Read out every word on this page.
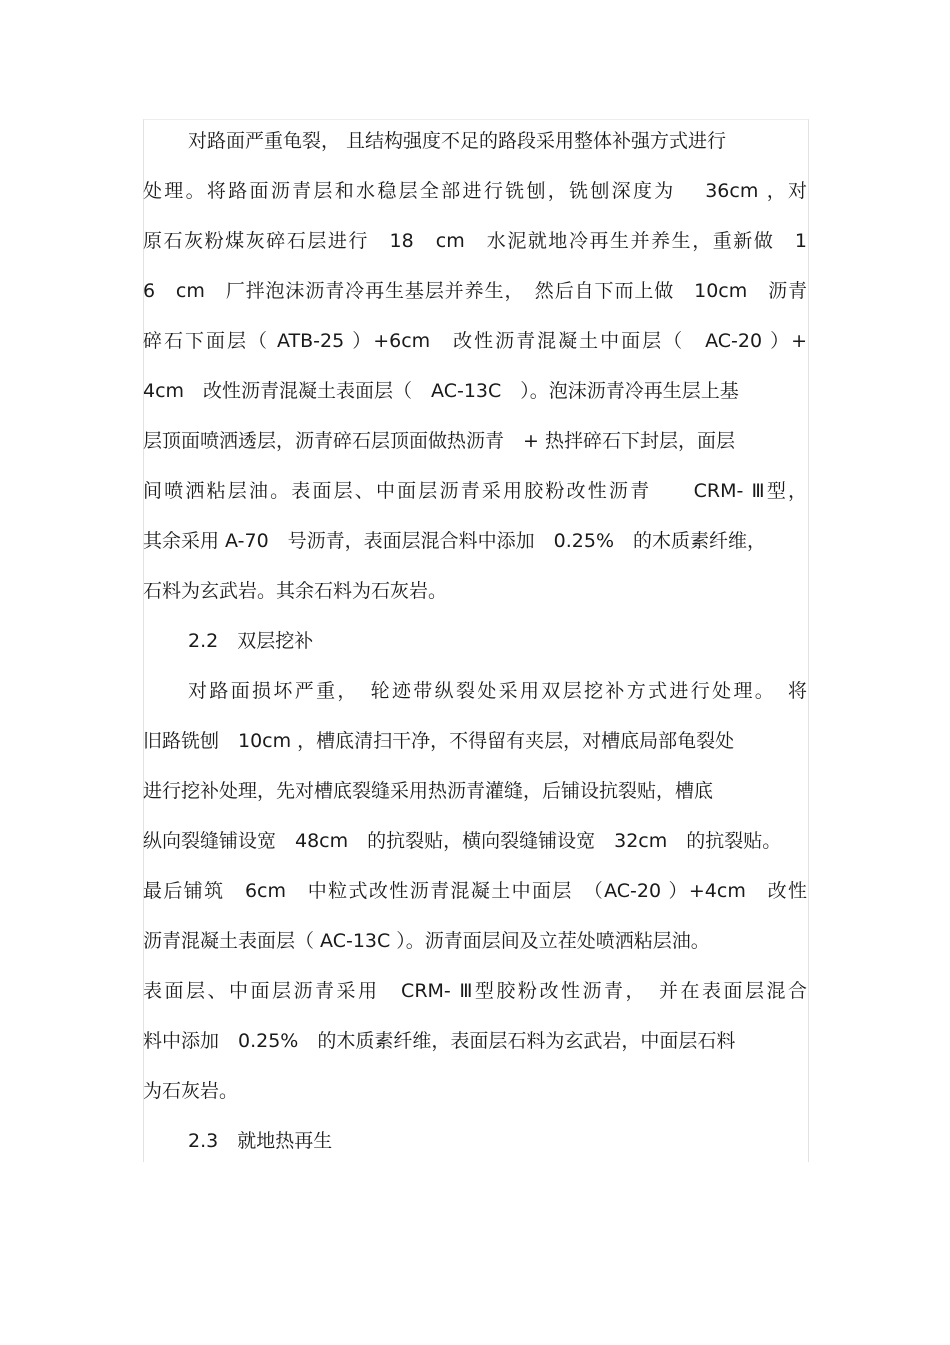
对路面严重龟裂， 且结构强度不足的路段采用整体补强方式进行
处理。将路面沥青层和水稳层全部进行铣刨，铣刨深度为　 36cm ，对
原石灰粉煤灰碎石层进行　18　cm　水泥就地冷再生并养生，重新做　1
6　cm　厂拌泡沫沥青冷再生基层并养生，　然后自下而上做　10cm　沥青
碎石下面层（ ATB-25 ）+6cm　改性沥青混凝土中面层（　AC-20 ）+
4cm　改性沥青混凝土表面层（　AC-13C　）。泡沫沥青冷再生层上基
层顶面喷洒透层，沥青碎石层顶面做热沥青　+ 热拌碎石下封层，面层
间喷洒粘层油。表面层、中面层沥青采用胶粉改性沥青　　CRM- Ⅲ型，
其余采用 A-70　号沥青，表面层混合料中添加　0.25%　的木质素纤维，
石料为玄武岩。其余石料为石灰岩。
2.2　双层挖补
对路面损坏严重，　轮迹带纵裂处采用双层挖补方式进行处理。　将
旧路铣刨　10cm ，槽底清扫干净，不得留有夹层，对槽底局部龟裂处
进行挖补处理，先对槽底裂缝采用热沥青灌缝，后铺设抗裂贴，槽底
纵向裂缝铺设宽　48cm　的抗裂贴，横向裂缝铺设宽　32cm　的抗裂贴。
最后铺筑　6cm　中粒式改性沥青混凝土中面层　（AC-20 ）+4cm　改性
沥青混凝土表面层（ AC-13C ）。沥青面层间及立茬处喷洒粘层油。
表面层、中面层沥青采用　CRM- Ⅲ型胶粉改性沥青，　并在表面层混合
料中添加　0.25%　的木质素纤维，表面层石料为玄武岩，中面层石料
为石灰岩。
2.3　就地热再生
